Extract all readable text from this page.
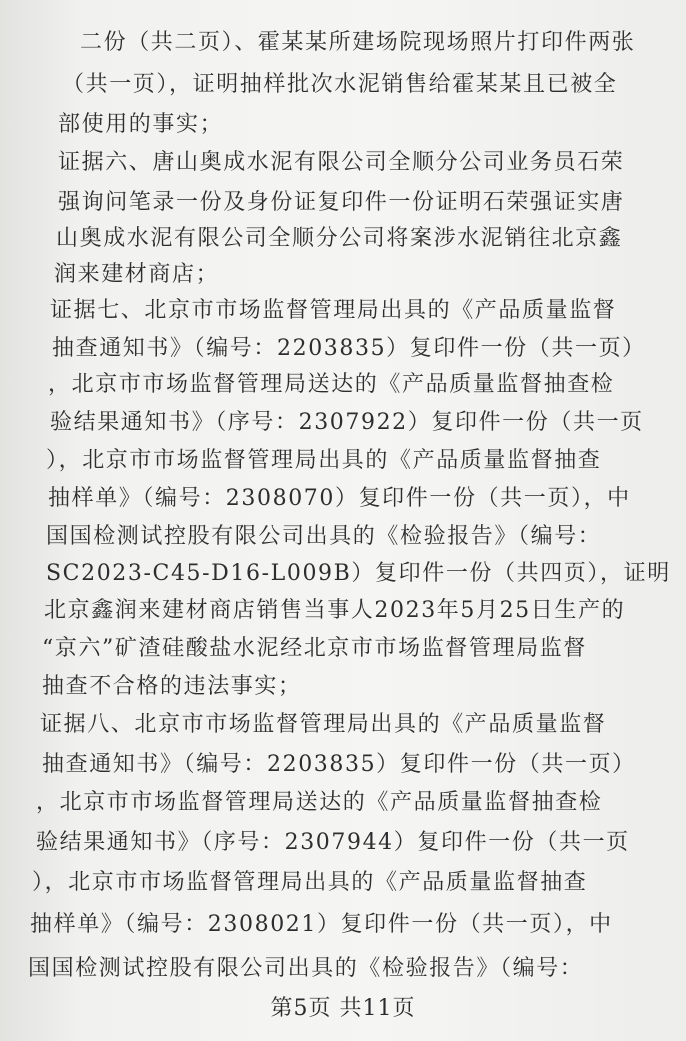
二份（共二页）、霍某某所建场院现场照片打印件两张
（共一页），证明抽样批次水泥销售给霍某某且已被全
部使用的事实；
证据六、唐山奥成水泥有限公司全顺分公司业务员石荣
强询问笔录一份及身份证复印件一份证明石荣强证实唐
山奥成水泥有限公司全顺分公司将案涉水泥销往北京鑫
润来建材商店；
证据七、北京市市场监督管理局出具的《产品质量监督
抽查通知书》（编号：2203835）复印件一份（共一页）
，北京市市场监督管理局送达的《产品质量监督抽查检
验结果通知书》（序号：2307922）复印件一份（共一页
），北京市市场监督管理局出具的《产品质量监督抽查
抽样单》（编号：2308070）复印件一份（共一页），中
国国检测试控股有限公司出具的《检验报告》（编号：
SC2023-C45-D16-L009B）复印件一份（共四页），证明
北京鑫润来建材商店销售当事人2023年5月25日生产的
“京六”矿渣硅酸盐水泥经北京市市场监督管理局监督
抽查不合格的违法事实；
证据八、北京市市场监督管理局出具的《产品质量监督
抽查通知书》（编号：2203835）复印件一份（共一页）
，北京市市场监督管理局送达的《产品质量监督抽查检
验结果通知书》（序号：2307944）复印件一份（共一页
），北京市市场监督管理局出具的《产品质量监督抽查
抽样单》（编号：2308021）复印件一份（共一页），中
国国检测试控股有限公司出具的《检验报告》（编号：
第5页 共11页
